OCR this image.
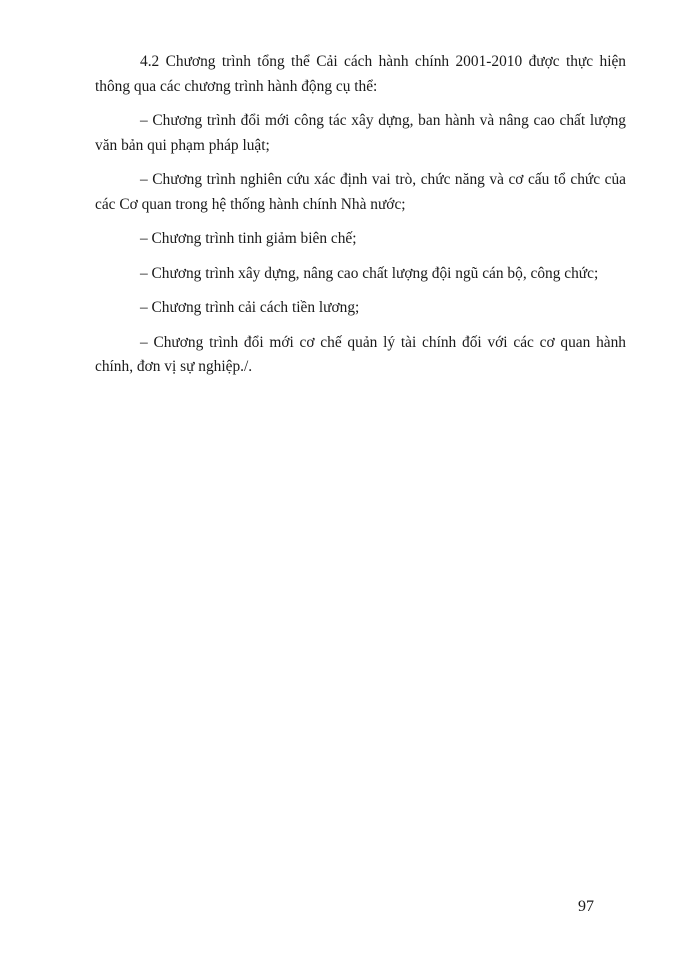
4.2 Chương trình tổng thể Cải cách hành chính 2001-2010 được thực hiện thông qua các chương trình hành động cụ thể:

– Chương trình đổi mới công tác xây dựng, ban hành và nâng cao chất lượng văn bản qui phạm pháp luật;

– Chương trình nghiên cứu xác định vai trò, chức năng và cơ cấu tổ chức của các Cơ quan trong hệ thống hành chính Nhà nước;

– Chương trình tinh giảm biên chế;

– Chương trình xây dựng, nâng cao chất lượng đội ngũ cán bộ, công chức;

– Chương trình cải cách tiền lương;

– Chương trình đổi mới cơ chế quản lý tài chính đối với các cơ quan hành chính, đơn vị sự nghiệp./.

97
